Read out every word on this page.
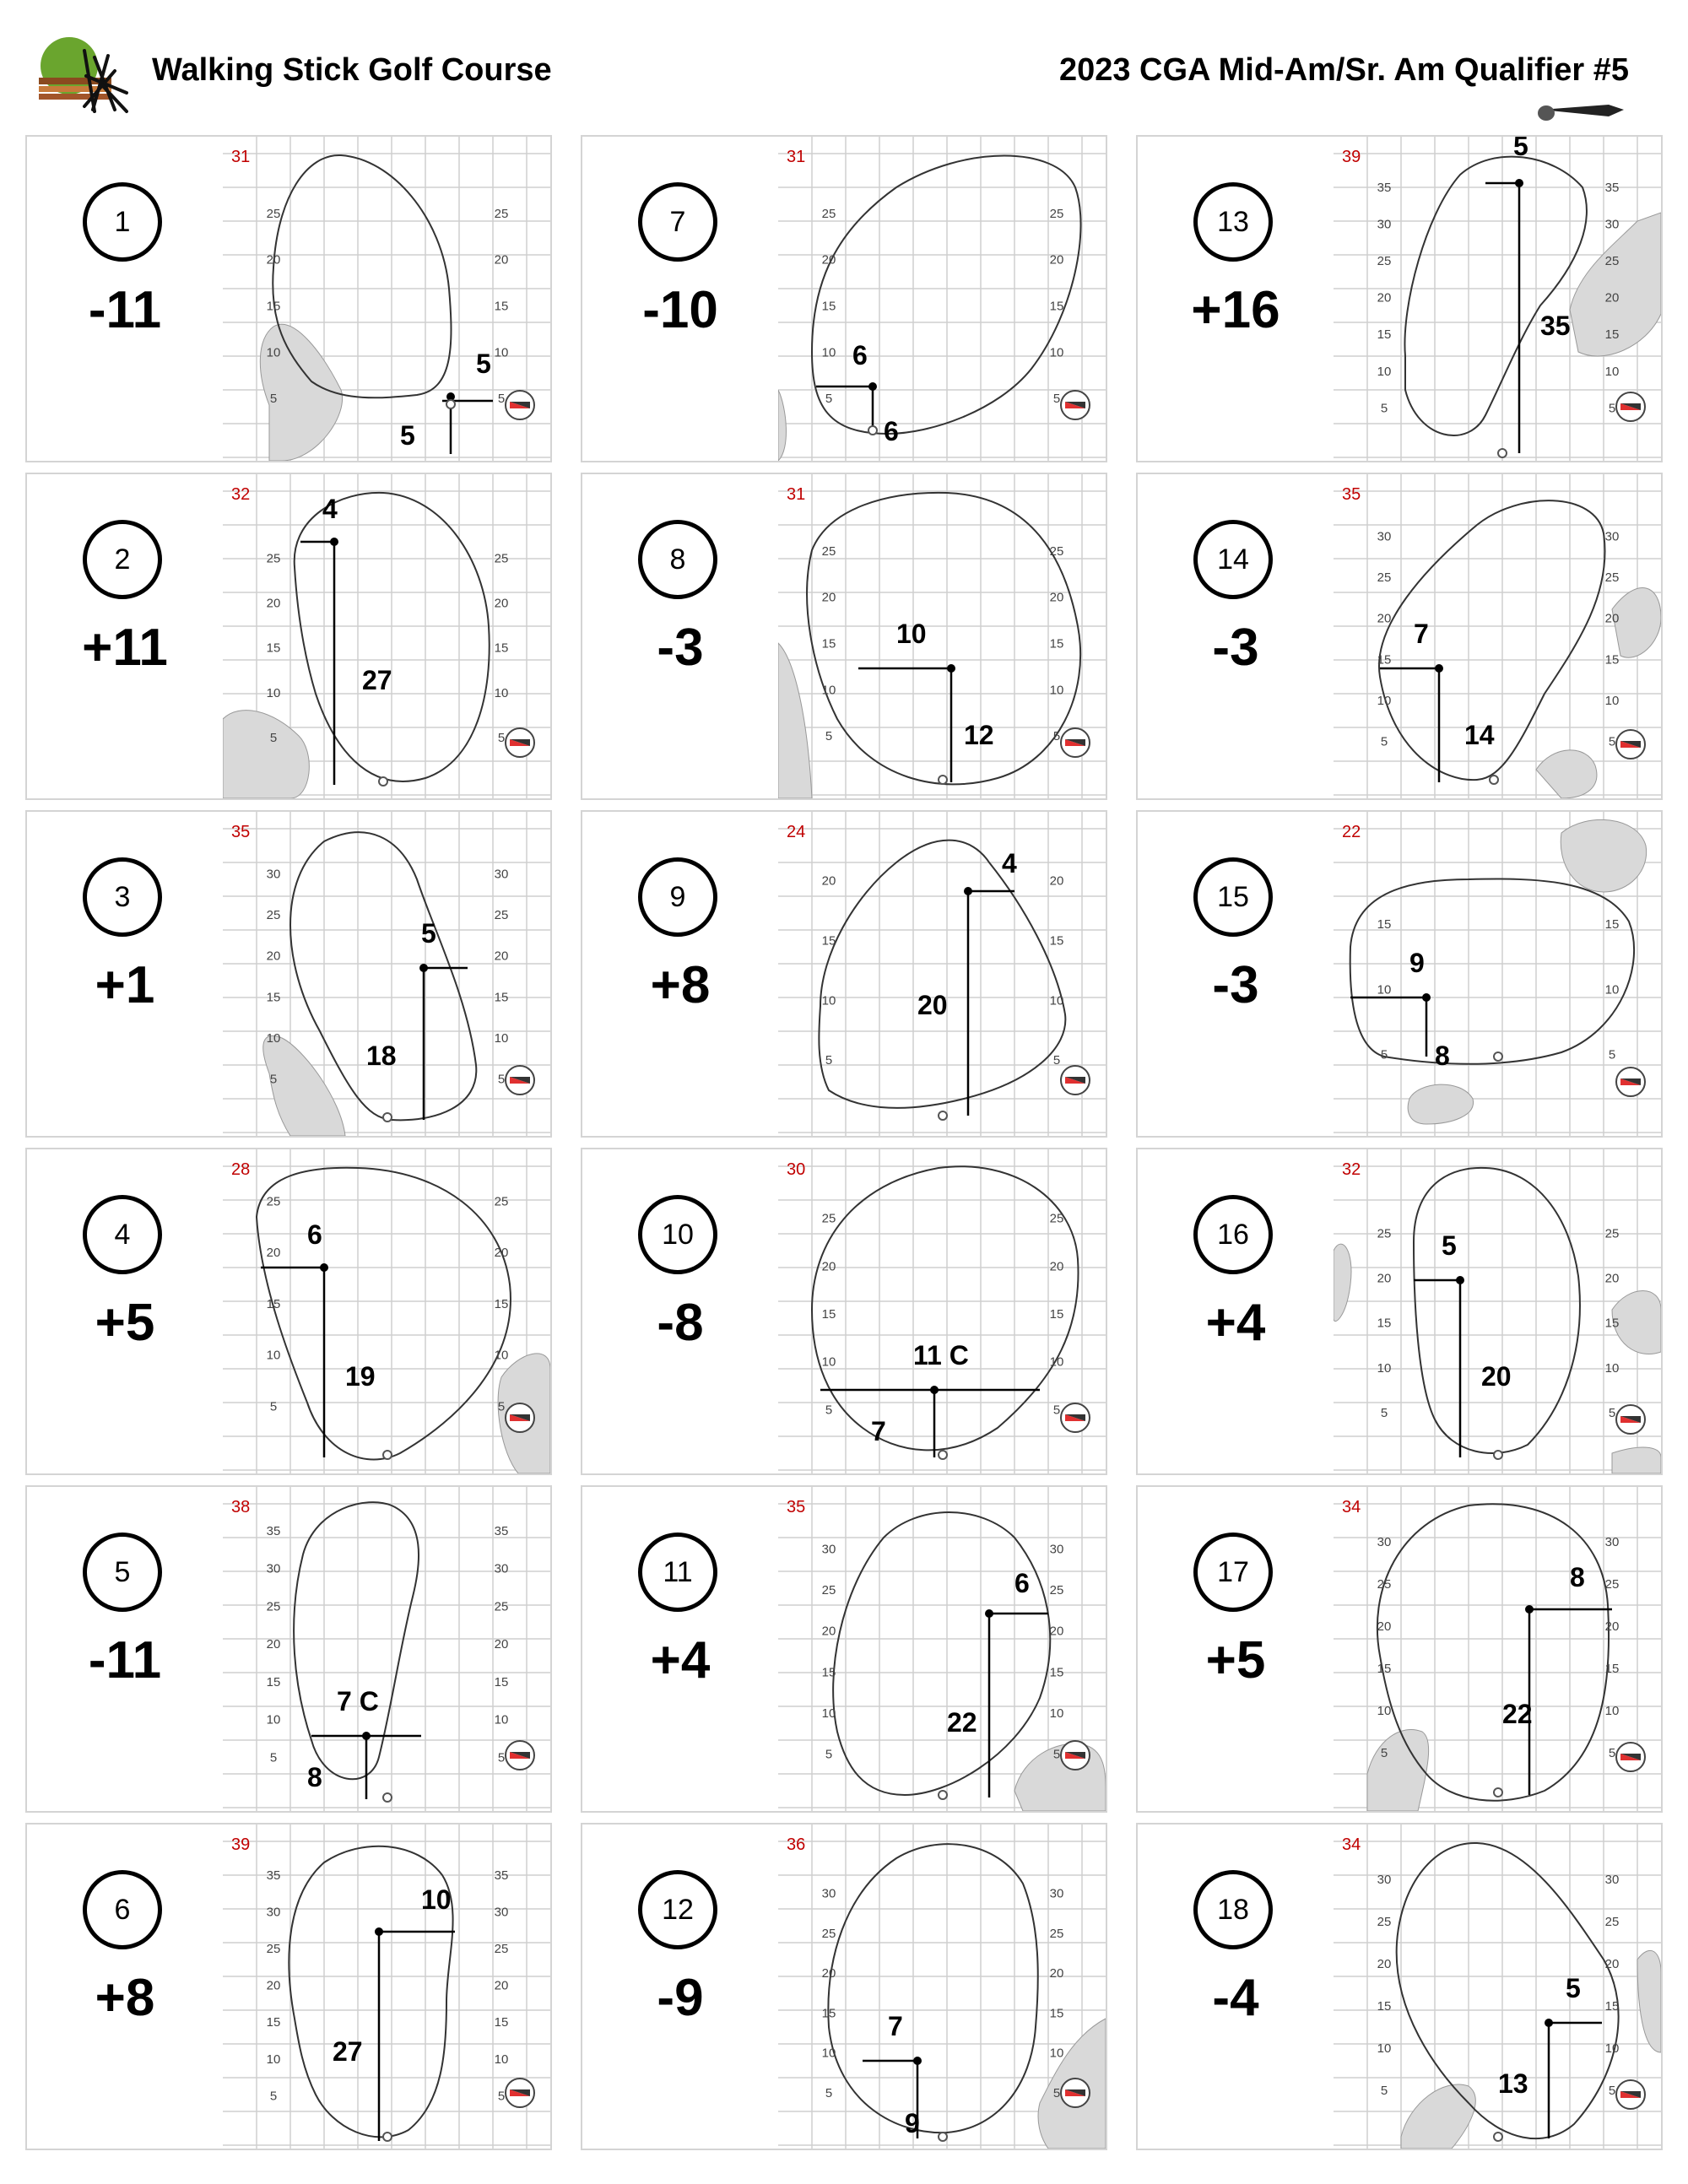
Walking Stick Golf Course	2023 CGA Mid-Am/Sr. Am Qualifier #5
1
-11
25	25
20	20
15	15
10	10
5	5
31
5
5
7
-10
25	25
20	20
15	15
10	10
5	5
31
6
6
13
+16
35	35
30	30
25	25
20	20
15	15
10	10
5	5
39	5
35
2
+11
25	25
20	20
15	15
10	10
5	5
32	4
27
8
-3
25	25
20	20
15	15
10	10
5	5
31
10
12
14
-3
30	30
25	25
20	20
15	15
10	10
5	5
35
7
14
3
+1
30	30
25	25
20	20
15	15
10	10
5	5
35
5
18
9
+8
20	20
15	15
10	10
5	5
24
4
20
15
-3
15	15
10	10
5	5
22
9
8
4
+5
25	25
20	20
15	15
10	10
5	5
28
6
19
10
-8
25	25
20	20
15	15
10	10
5	5
30
11 C
7
16
+4
25	25
20	20
15	15
10	10
5	5
32
5
20
5
-11
35	35
30	30
25	25
20	20
15	15
10	10
5	5
38
7 C
8
11
+4
30	30
25	25
20	20
15	15
10	10
5	5
35
6
22
17
+5
30	30
25	25
20	20
15	15
10	10
5	5
34
8
22
6
+8
35	35
30	30
25	25
20	20
15	15
10	10
5	5
39
10
27
12
-9
30	30
25	25
20	20
15	15
10	10
5	5
36
7
9
18
-4
30	30
25	25
20	20
15	15
10	10
5	5
34
5
13
